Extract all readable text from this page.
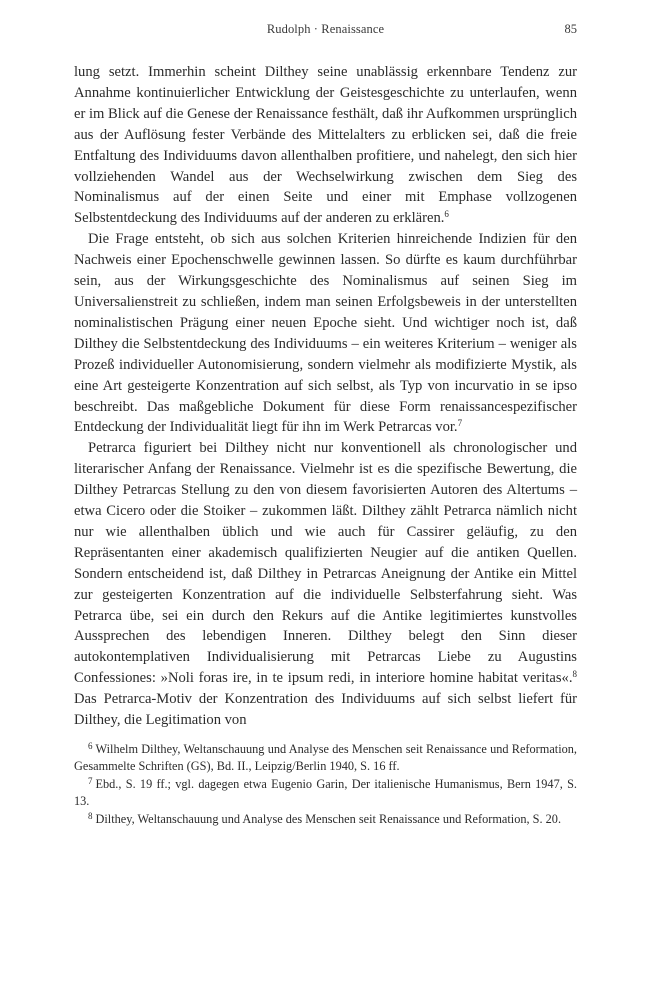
Rudolph · Renaissance	85

lung setzt. Immerhin scheint Dilthey seine unablässig erkennbare Tendenz zur Annahme kontinuierlicher Entwicklung der Geistesgeschichte zu unterlaufen, wenn er im Blick auf die Genese der Renaissance festhält, daß ihr Aufkommen ursprünglich aus der Auflösung fester Verbände des Mittelalters zu erblicken sei, daß die freie Entfaltung des Individuums davon allenthalben profitiere, und nahelegt, den sich hier vollziehenden Wandel aus der Wechselwirkung zwischen dem Sieg des Nominalismus auf der einen Seite und einer mit Emphase vollzogenen Selbstentdeckung des Individuums auf der anderen zu erklären.$^6$

Die Frage entsteht, ob sich aus solchen Kriterien hinreichende Indizien für den Nachweis einer Epochenschwelle gewinnen lassen. So dürfte es kaum durchführbar sein, aus der Wirkungsgeschichte des Nominalismus auf seinen Sieg im Universalienstreit zu schließen, indem man seinen Erfolgsbeweis in der unterstellten nominalistischen Prägung einer neuen Epoche sieht. Und wichtiger noch ist, daß Dilthey die Selbstentdeckung des Individuums – ein weiteres Kriterium – weniger als Prozeß individueller Autonomisierung, sondern vielmehr als modifizierte Mystik, als eine Art gesteigerte Konzentration auf sich selbst, als Typ von incurvatio in se ipso beschreibt. Das maßgebliche Dokument für diese Form renaissancespezifischer Entdeckung der Individualität liegt für ihn im Werk Petrarcas vor.$^7$

Petrarca figuriert bei Dilthey nicht nur konventionell als chronologischer und literarischer Anfang der Renaissance. Vielmehr ist es die spezifische Bewertung, die Dilthey Petrarcas Stellung zu den von diesem favorisierten Autoren des Altertums – etwa Cicero oder die Stoiker – zukommen läßt. Dilthey zählt Petrarca nämlich nicht nur wie allenthalben üblich und wie auch für Cassirer geläufig, zu den Repräsentanten einer akademisch qualifizierten Neugier auf die antiken Quellen. Sondern entscheidend ist, daß Dilthey in Petrarcas Aneignung der Antike ein Mittel zur gesteigerten Konzentration auf die individuelle Selbsterfahrung sieht. Was Petrarca übe, sei ein durch den Rekurs auf die Antike legitimiertes kunstvolles Aussprechen des lebendigen Inneren. Dilthey belegt den Sinn dieser autokontemplativen Individualisierung mit Petrarcas Liebe zu Augustins Confessiones: »Noli foras ire, in te ipsum redi, in interiore homine habitat veritas«.$^8$ Das Petrarca-Motiv der Konzentration des Individuums auf sich selbst liefert für Dilthey, die Legitimation von

$^6$ Wilhelm Dilthey, Weltanschauung und Analyse des Menschen seit Renaissance und Reformation, Gesammelte Schriften (GS), Bd. II., Leipzig/Berlin 1940, S. 16 ff.

$^7$ Ebd., S. 19 ff.; vgl. dagegen etwa Eugenio Garin, Der italienische Humanismus, Bern 1947, S. 13.

$^8$ Dilthey, Weltanschauung und Analyse des Menschen seit Renaissance und Reformation, S. 20.
